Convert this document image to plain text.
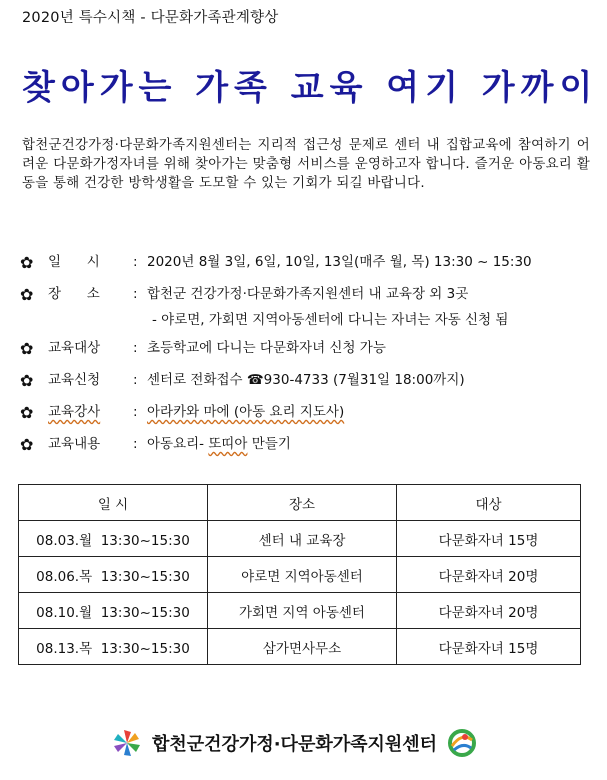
2020년 특수시책 - 다문화가족관계향상
찾아가는 가족 교육 여기 가까이
합천군건강가정·다문화가족지원센터는 지리적 접근성 문제로 센터 내 집합교육에 참여하기 어려운 다문화가정자녀를 위해 찾아가는 맞춤형 서비스를 운영하고자 합니다. 즐거운 아동요리 활동을 통해 건강한 방학생활을 도모할 수 있는 기회가 되길 바랍니다.
✿ 일      시 : 2020년 8월 3일, 6일, 10일, 13일(매주 월, 목) 13:30 ~ 15:30
✿ 장      소 : 합천군 건강가정·다문화가족지원센터 내 교육장 외 3곳
- 야로면, 가회면 지역아동센터에 다니는 자녀는 자동 신청 됨
✿ 교육대상 : 초등학교에 다니는 다문화자녀 신청 가능
✿ 교육신청 : 센터로 전화접수 ☎930-4733 (7월31일 18:00까지)
✿ 교육강사 : 아라카와 마에 (아동 요리 지도사)
✿ 교육내용 : 아동요리- 또띠아 만들기
일 시	장소	대상
08.03.월  13:30~15:30	센터 내 교육장	다문화자녀 15명
08.06.목  13:30~15:30	야로면 지역아동센터	다문화자녀 20명
08.10.월  13:30~15:30	가회면 지역 아동센터	다문화자녀 20명
08.13.목  13:30~15:30	삼가면사무소	다문화자녀 15명
합천군건강가정·다문화가족지원센터
